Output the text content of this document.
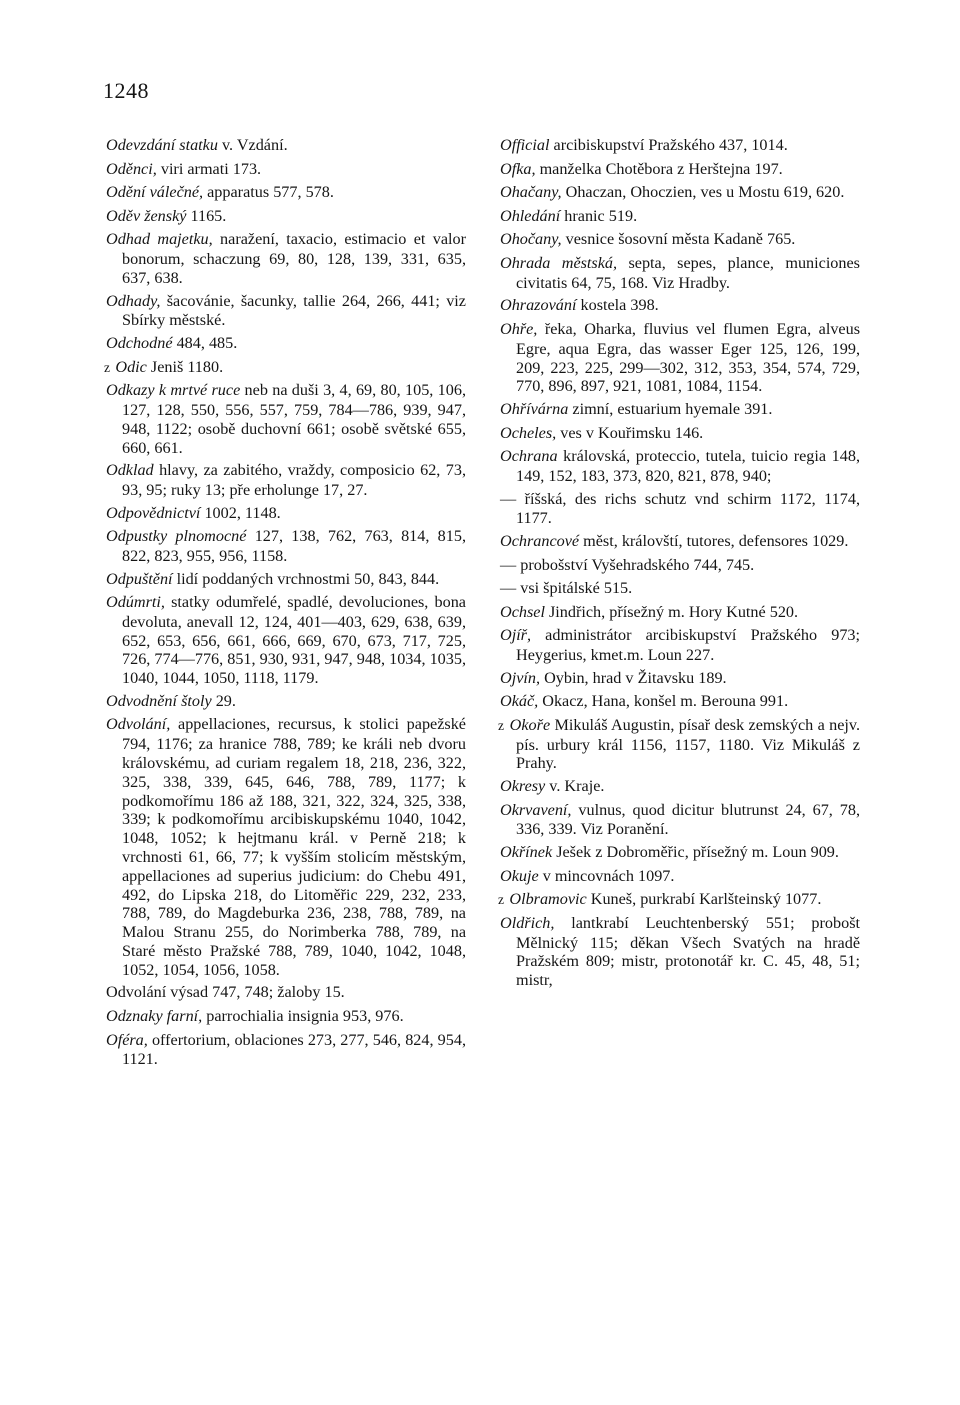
1248

Odevzdání statku v. Vzdání.

Oděnci, viri armati 173.

Odění válečné, apparatus 577, 578.

Oděv ženský 1165.

Odhad majetku, naražení, taxacio, estimacio et valor bonorum, schaczung 69, 80, 128, 139, 331, 635, 637, 638.

Odhady, šacovánie, šacunky, tallie 264, 266, 441; viz Sbírky městské.

Odchodné 484, 485.

z Odic Jeniš 1180.

Odkazy k mrtvé ruce neb na duši 3, 4, 69, 80, 105, 106, 127, 128, 550, 556, 557, 759, 784—786, 939, 947, 948, 1122; osobě duchovní 661; osobě světské 655, 660, 661.

Odklad hlavy, za zabitého, vraždy, composicio 62, 73, 93, 95; ruky 13; pře erholunge 17, 27.

Odpovědnictví 1002, 1148.

Odpustky plnomocné 127, 138, 762, 763, 814, 815, 822, 823, 955, 956, 1158.

Odpuštění lidí poddaných vrchnostmi 50, 843, 844.

Odúmrti, statky odumřelé, spadlé, devoluciones, bona devoluta, anevall 12, 124, 401—403, 629, 638, 639, 652, 653, 656, 661, 666, 669, 670, 673, 717, 725, 726, 774—776, 851, 930, 931, 947, 948, 1034, 1035, 1040, 1044, 1050, 1118, 1179.

Odvodnění štoly 29.

Odvolání, appellaciones, recursus, k stolici papežské 794, 1176; za hranice 788, 789; ke králi neb dvoru královskému, ad curiam regalem 18, 218, 236, 322, 325, 338, 339, 645, 646, 788, 789, 1177; k podkomořímu 186 až 188, 321, 322, 324, 325, 338, 339; k podkomořímu arcibiskupskému 1040, 1042, 1048, 1052; k hejtmanu král. v Perně 218; k vrchnosti 61, 66, 77; k vyšším stolicím městským, appellaciones ad superius judicium: do Chebu 491, 492, do Lipska 218, do Litoměřic 229, 232, 233, 788, 789, do Magdeburka 236, 238, 788, 789, na Malou Stranu 255, do Norimberka 788, 789, na Staré město Pražské 788, 789, 1040, 1042, 1048, 1052, 1054, 1056, 1058.

Odvolání výsad 747, 748; žaloby 15.

Odznaky farní, parrochialia insignia 953, 976.

Oféra, offertorium, oblaciones 273, 277, 546, 824, 954, 1121.

Official arcibiskupství Pražského 437, 1014.

Ofka, manželka Chotěbora z Herštejna 197.

Ohačany, Ohaczan, Ohoczien, ves u Mostu 619, 620.

Ohledání hranic 519.

Ohočany, vesnice šosovní města Kadaně 765.

Ohrada městská, septa, sepes, plance, municiones civitatis 64, 75, 168. Viz Hradby.

Ohrazování kostela 398.

Ohře, řeka, Oharka, fluvius vel flumen Egra, alveus Egre, aqua Egra, das wasser Eger 125, 126, 199, 209, 223, 225, 299—302, 312, 353, 354, 574, 729, 770, 896, 897, 921, 1081, 1084, 1154.

Ohřívárna zimní, estuarium hyemale 391.

Ocheles, ves v Kouřimsku 146.

Ochrana královská, proteccio, tutela, tuicio regia 148, 149, 152, 183, 373, 820, 821, 878, 940;

— říšská, des richs schutz vnd schirm 1172, 1174, 1177.

Ochrancové měst, královští, tutores, defensores 1029.

— probošství Vyšehradského 744, 745.

— vsi špitálské 515.

Ochsel Jindřich, přísežný m. Hory Kutné 520.

Ojíř, administrátor arcibiskupství Pražského 973; Heygerius, kmet.m. Loun 227.

Ojvín, Oybin, hrad v Žitavsku 189.

Okáč, Okacz, Hana, konšel m. Berouna 991.

z Okoře Mikuláš Augustin, písař desk zemských a nejv. pís. urbury král 1156, 1157, 1180. Viz Mikuláš z Prahy.

Okresy v. Kraje.

Okrvavení, vulnus, quod dicitur blutrunst 24, 67, 78, 336, 339. Viz Poranění.

Okřínek Ješek z Dobroměřic, přísežný m. Loun 909.

Okuje v mincovnách 1097.

z Olbramovic Kuneš, purkrabí Karlšteinský 1077.

Oldřich, lantkrabí Leuchtenberský 551; probošt Mělnický 115; děkan Všech Svatých na hradě Pražském 809; mistr, protonotář kr. C. 45, 48, 51; mistr,
